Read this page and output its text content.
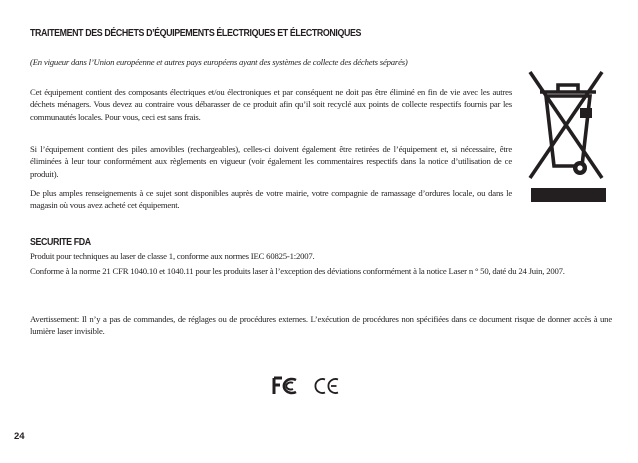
TRAITEMENT DES DÉCHETS D’ÉQUIPEMENTS ÉLECTRIQUES ET ÉLECTRONIQUES
(En vigueur dans l’Union européenne et autres pays européens ayant des systèmes de collecte des déchets séparés)

Cet équipement contient des composants électriques et/ou électroniques et par conséquent ne doit pas être éliminé en fin de vie avec les autres déchets ménagers. Vous devez au contraire vous débarasser de ce produit afin qu’il soit recyclé aux points de collecte respectifs fournis par les communautés locales. Pour vous, ceci est sans frais.

Si l’équipement contient des piles amovibles (rechargeables), celles-ci doivent également être retirées de l’équipement et, si nécessaire, être éliminées à leur tour conformément aux règlements en vigueur (voir également les commentaires respectifs dans la notice d’utilisation de ce produit).

De plus amples renseignements à ce sujet sont disponibles auprès de votre mairie, votre compagnie de ramassage d’ordures locale, ou dans le magasin où vous avez acheté cet équipement.

SECURITE FDA

Produit pour techniques au laser de classe 1, conforme aux normes IEC 60825-1:2007.

Conforme à la norme 21 CFR 1040.10 et 1040.11 pour les produits laser à l’exception des déviations conformément à la notice Laser n ° 50, daté du 24 Juin, 2007.

Avertissement: Il n’y a pas de commandes, de réglages ou de procédures externes. L’exécution de procédures non spécifiées dans ce document risque de donner accès à une lumière laser invisible.

24
